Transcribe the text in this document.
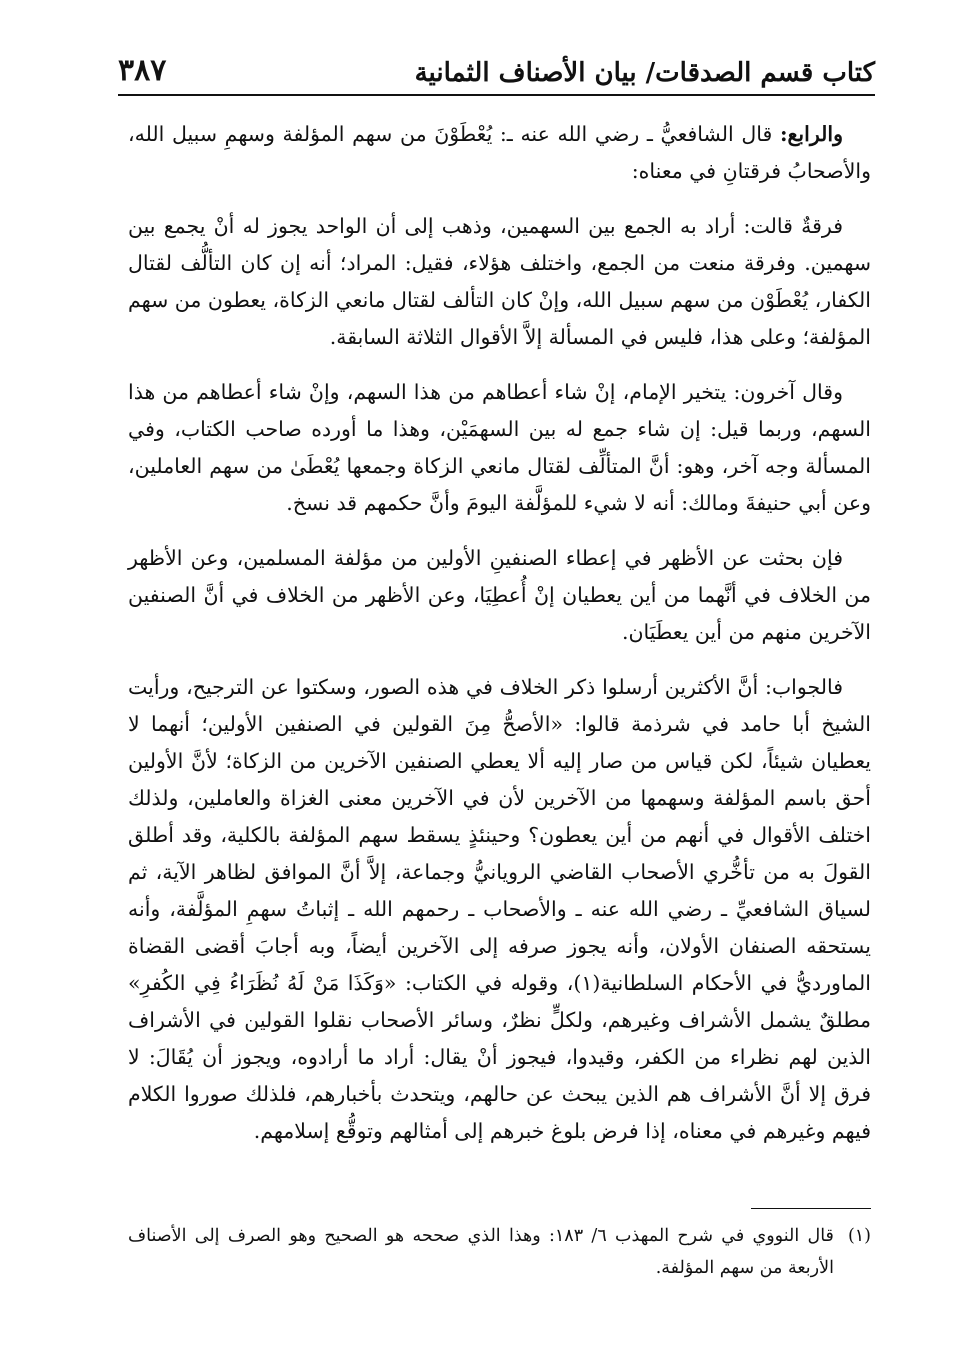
كتاب قسم الصدقات/ بيان الأصناف الثمانية
٣٨٧

والرابع: قال الشافعيُّ ـ رضي الله عنه ـ: يُعْطَوْنَ من سهم المؤلفة وسهمِ سبيل الله، والأصحابُ فرقتانِ في معناه:

فرقةٌ قالت: أراد به الجمع بين السهمين، وذهب إلى أن الواحد يجوز له أنْ يجمع بين سهمين. وفرقة منعت من الجمع، واختلف هؤلاء، فقيل: المراد؛ أنه إن كان التألُّف لقتال الكفار، يُعْطَوْن من سهم سبيل الله، وإنْ كان التألف لقتال مانعي الزكاة، يعطون من سهم المؤلفة؛ وعلى هذا، فليس في المسألة إلاَّ الأقوال الثلاثة السابقة.

وقال آخرون: يتخير الإمام، إنْ شاء أعطاهم من هذا السهم، وإنْ شاء أعطاهم من هذا السهم، وربما قيل: إن شاء جمع له بين السهمَيْن، وهذا ما أورده صاحب الكتاب، وفي المسألة وجه آخر، وهو: أنَّ المتألِّف لقتال مانعي الزكاة وجمعها يُعْطَىٰ من سهم العاملين، وعن أبي حنيفةَ ومالك: أنه لا شيء للمؤلَّفة اليومَ وأنَّ حكمهم قد نسخ.

فإن بحثت عن الأظهر في إعطاء الصنفينِ الأولين من مؤلفة المسلمين، وعن الأظهر من الخلاف في أنَّهما من أين يعطيان إنْ أُعطِيَا، وعن الأظهر من الخلاف في أنَّ الصنفين الآخرين منهم من أين يعطَيَان.

فالجواب: أنَّ الأكثرين أرسلوا ذكر الخلاف في هذه الصور، وسكتوا عن الترجيح، ورأيت الشيخ أبا حامد في شرذمة قالوا: «الأصحُّ مِنَ القولين في الصنفين الأولين؛ أنهما لا يعطيان شيئاً، لكن قياس من صار إليه ألا يعطي الصنفين الآخرين من الزكاة؛ لأنَّ الأولين أحق باسم المؤلفة وسهمها من الآخرين لأن في الآخرين معنى الغزاة والعاملين، ولذلك اختلف الأقوال في أنهم من أين يعطون؟ وحينئذٍ يسقط سهم المؤلفة بالكلية، وقد أطلق القولَ به من تأخُّري الأصحاب القاضي الرويانيُّ وجماعة، إلاَّ أنَّ الموافق لظاهر الآية، ثم لسياق الشافعيِّ ـ رضي الله عنه ـ والأصحاب ـ رحمهم الله ـ إثباتُ سهمِ المؤلَّفة، وأنه يستحقه الصنفان الأولان، وأنه يجوز صرفه إلى الآخرين أيضاً، وبه أجابَ أقضى القضاة الماورديُّ في الأحكام السلطانية(١)، وقوله في الكتاب: «وَكَذَا مَنْ لَهُ نُظَرَاءُ فِي الكُفرِ» مطلقٌ يشمل الأشراف وغيرهم، ولكلٍّ نظرٌ، وسائر الأصحاب نقلوا القولين في الأشراف الذين لهم نظراء من الكفر، وقيدوا، فيجوز أنْ يقال: أراد ما أرادوه، ويجوز أن يُقَالَ: لا فرق إلا أنَّ الأشراف هم الذين يبحث عن حالهم، ويتحدث بأخبارهم، فلذلك صوروا الكلام فيهم وغيرهم في معناه، إذا فرض بلوغ خبرهم إلى أمثالهم وتوقُّع إسلامهم.

(١)
قال النووي في شرح المهذب ٦/ ١٨٣: وهذا الذي صححه هو الصحيح وهو الصرف إلى الأصناف الأربعة من سهم المؤلفة.
